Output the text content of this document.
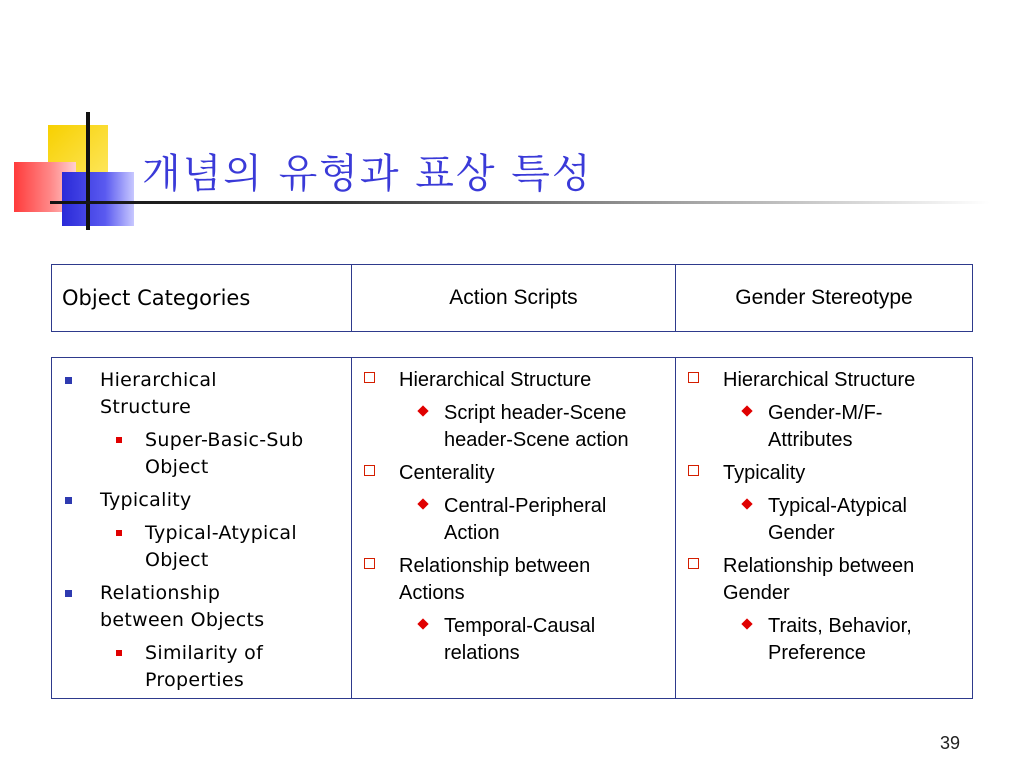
개념의 유형과 표상 특성
Object Categories	Action Scripts	Gender Stereotype
Hierarchical Structure
Super-Basic-Sub Object
Typicality
Typical-Atypical Object
Relationship between Objects
Similarity of Properties
Hierarchical Structure
Script header-Scene header-Scene action
Centerality
Central-Peripheral Action
Relationship between Actions
Temporal-Causal relations
Hierarchical Structure
Gender-M/F-Attributes
Typicality
Typical-Atypical Gender
Relationship between Gender
Traits, Behavior, Preference
39
